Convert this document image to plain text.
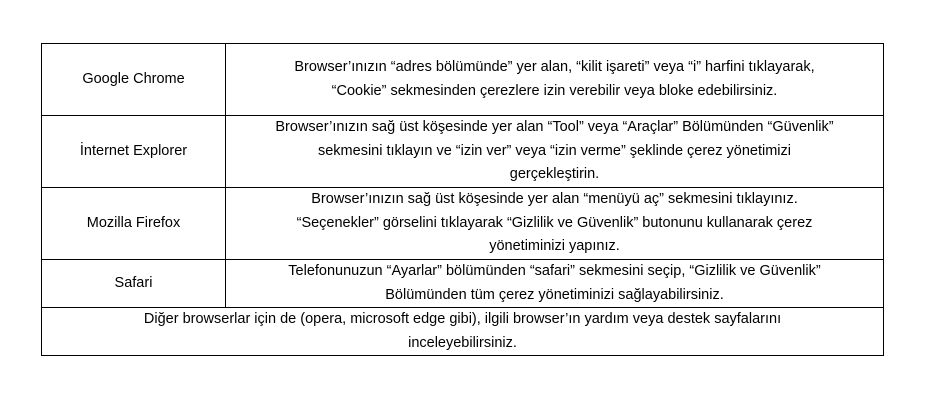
Google Chrome	Browser’ınızın “adres bölümünde” yer alan, “kilit işareti” veya “i” harfini tıklayarak,
“Cookie” sekmesinden çerezlere izin verebilir veya bloke edebilirsiniz.

İnternet Explorer	Browser’ınızın sağ üst köşesinde yer alan “Tool” veya “Araçlar” Bölümünden “Güvenlik”
sekmesini tıklayın ve “izin ver” veya “izin verme” şeklinde çerez yönetimizi
gerçekleştirin.

Mozilla Firefox	Browser’ınızın sağ üst köşesinde yer alan “menüyü aç” sekmesini tıklayınız.
“Seçenekler” görselini tıklayarak “Gizlilik ve Güvenlik” butonunu kullanarak çerez
yönetiminizi yapınız.

Safari	Telefonunuzun “Ayarlar” bölümünden “safari” sekmesini seçip, “Gizlilik ve Güvenlik”
Bölümünden tüm çerez yönetiminizi sağlayabilirsiniz.

Diğer browserlar için de (opera, microsoft edge gibi), ilgili browser’ın yardım veya destek sayfalarını
inceleyebilirsiniz.	
